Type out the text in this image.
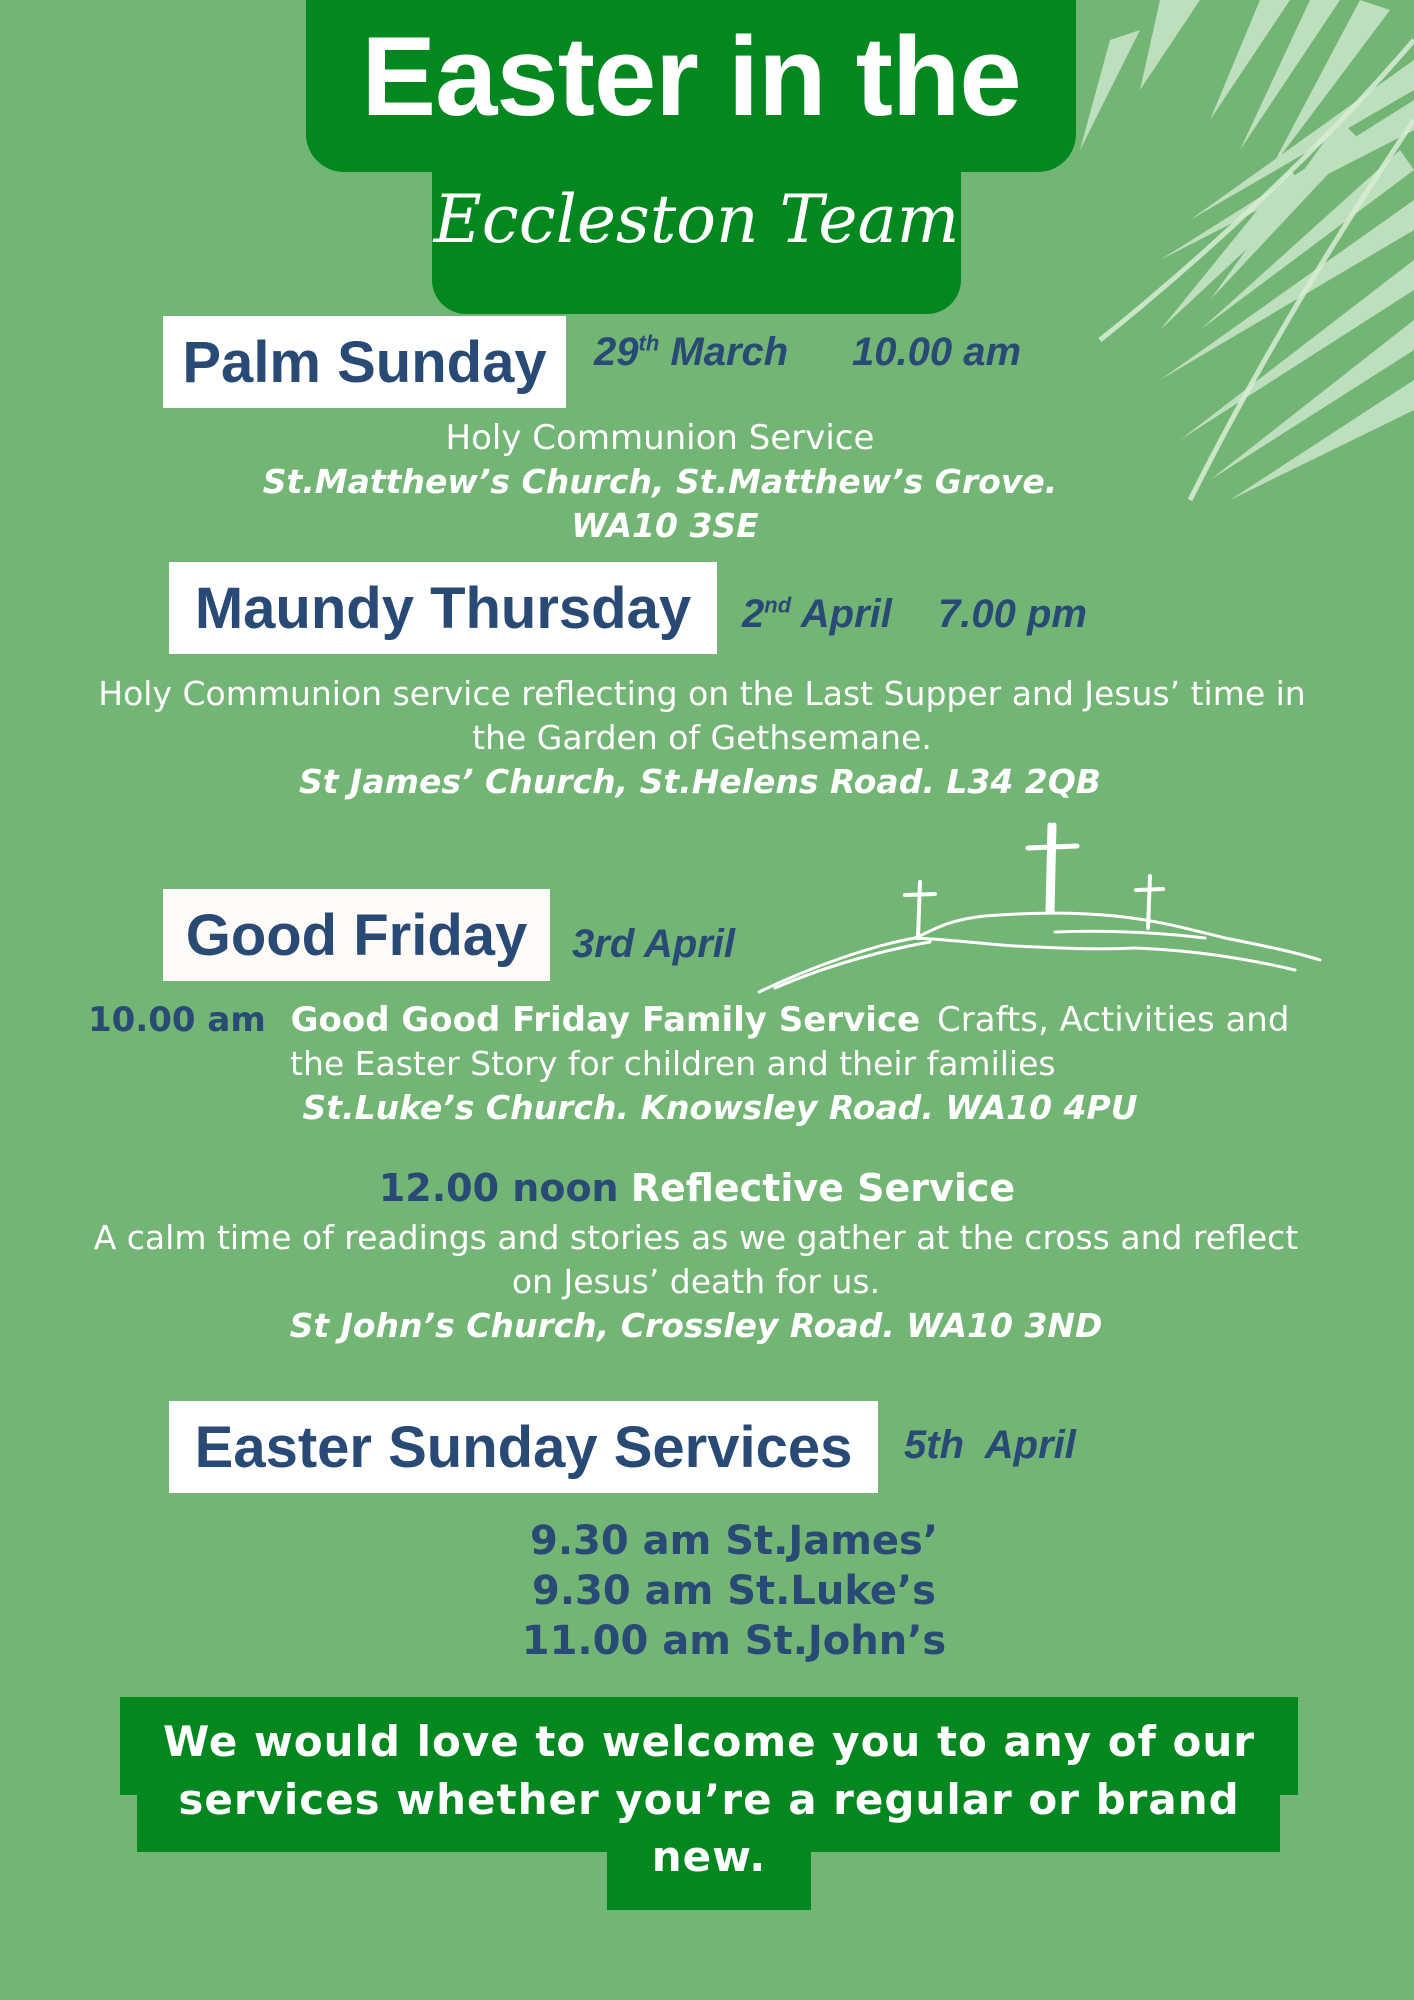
Easter in the
Eccleston Team
Palm Sunday	29th March 10.00 am
Holy Communion Service
St.Matthew’s Church, St.Matthew’s Grove.
WA10 3SE
Maundy Thursday	2nd April 7.00 pm
Holy Communion service reflecting on the Last Supper and Jesus’ time in
the Garden of Gethsemane.
St James’ Church, St.Helens Road. L34 2QB
Good Friday	3rd April
10.00 am Good Good Friday Family Service Crafts, Activities and
the Easter Story for children and their families
St.Luke’s Church. Knowsley Road. WA10 4PU
12.00 noon Reflective Service
A calm time of readings and stories as we gather at the cross and reflect
on Jesus’ death for us.
St John’s Church, Crossley Road. WA10 3ND
Easter Sunday Services	5th  April
9.30 am St.James’
9.30 am St.Luke’s
11.00 am St.John’s
We would love to welcome you to any of our
services whether you’re a regular or brand
new.
